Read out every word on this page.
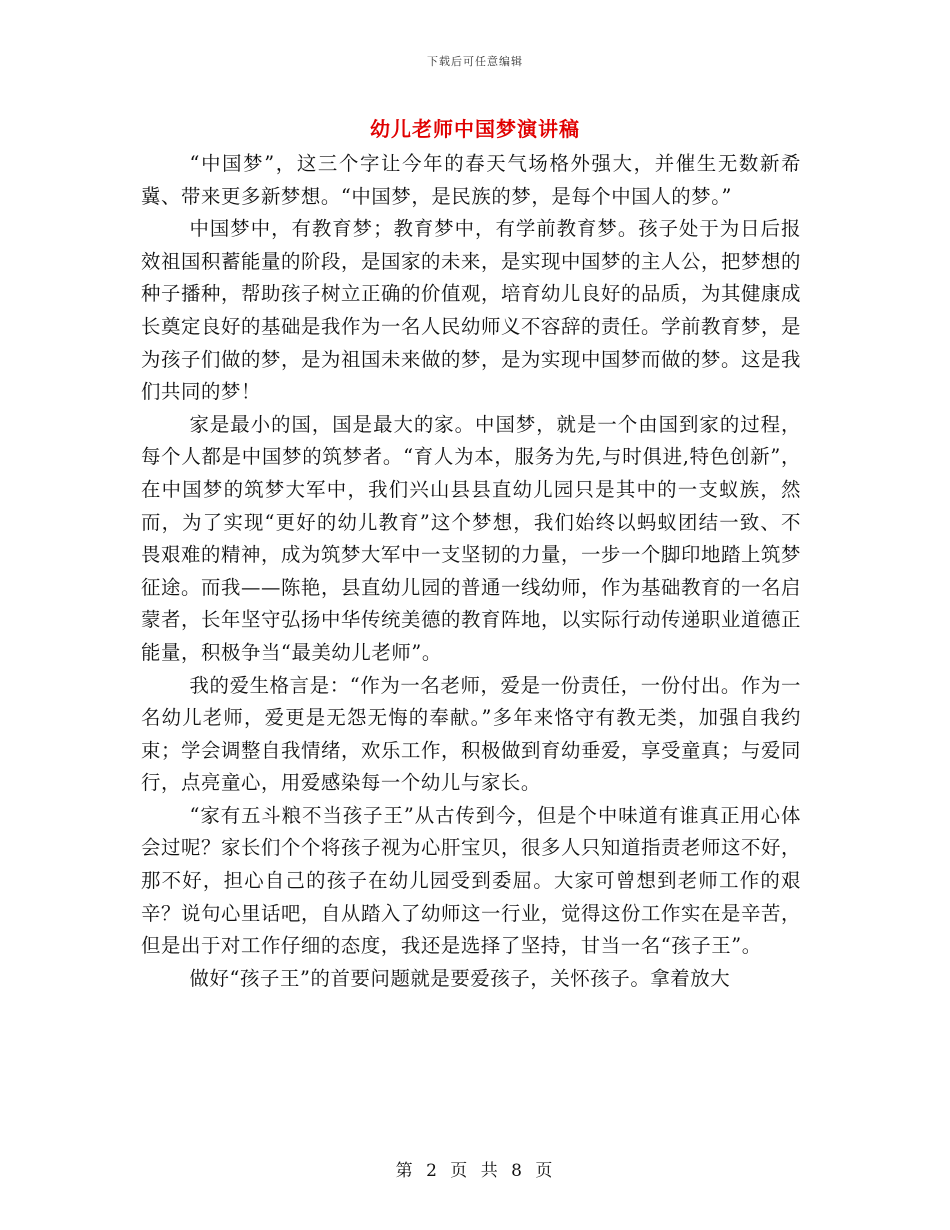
下载后可任意编辑
幼儿老师中国梦演讲稿

“中国梦”，这三个字让今年的春天气场格外强大，并催生无数新希冀、带来更多新梦想。“中国梦，是民族的梦，是每个中国人的梦。”

中国梦中，有教育梦；教育梦中，有学前教育梦。孩子处于为日后报效祖国积蓄能量的阶段，是国家的未来，是实现中国梦的主人公，把梦想的种子播种，帮助孩子树立正确的价值观，培育幼儿良好的品质，为其健康成长奠定良好的基础是我作为一名人民幼师义不容辞的责任。学前教育梦，是为孩子们做的梦，是为祖国未来做的梦，是为实现中国梦而做的梦。这是我们共同的梦！

家是最小的国，国是最大的家。中国梦，就是一个由国到家的过程，每个人都是中国梦的筑梦者。“育人为本，服务为先,与时俱进,特色创新”，在中国梦的筑梦大军中，我们兴山县县直幼儿园只是其中的一支蚁族，然而，为了实现“更好的幼儿教育”这个梦想，我们始终以蚂蚁团结一致、不畏艰难的精神，成为筑梦大军中一支坚韧的力量，一步一个脚印地踏上筑梦征途。而我——陈艳，县直幼儿园的普通一线幼师，作为基础教育的一名启蒙者，长年坚守弘扬中华传统美德的教育阵地，以实际行动传递职业道德正能量，积极争当“最美幼儿老师”。

我的爱生格言是：“作为一名老师，爱是一份责任，一份付出。作为一名幼儿老师，爱更是无怨无悔的奉献。”多年来恪守有教无类，加强自我约束；学会调整自我情绪，欢乐工作，积极做到育幼垂爱，享受童真；与爱同行，点亮童心，用爱感染每一个幼儿与家长。

“家有五斗粮不当孩子王”从古传到今，但是个中味道有谁真正用心体会过呢？家长们个个将孩子视为心肝宝贝，很多人只知道指责老师这不好，那不好，担心自己的孩子在幼儿园受到委屈。大家可曾想到老师工作的艰辛？说句心里话吧，自从踏入了幼师这一行业，觉得这份工作实在是辛苦，但是出于对工作仔细的态度，我还是选择了坚持，甘当一名“孩子王”。

做好“孩子王”的首要问题就是要爱孩子，关怀孩子。拿着放大

第 2 页 共 8 页
